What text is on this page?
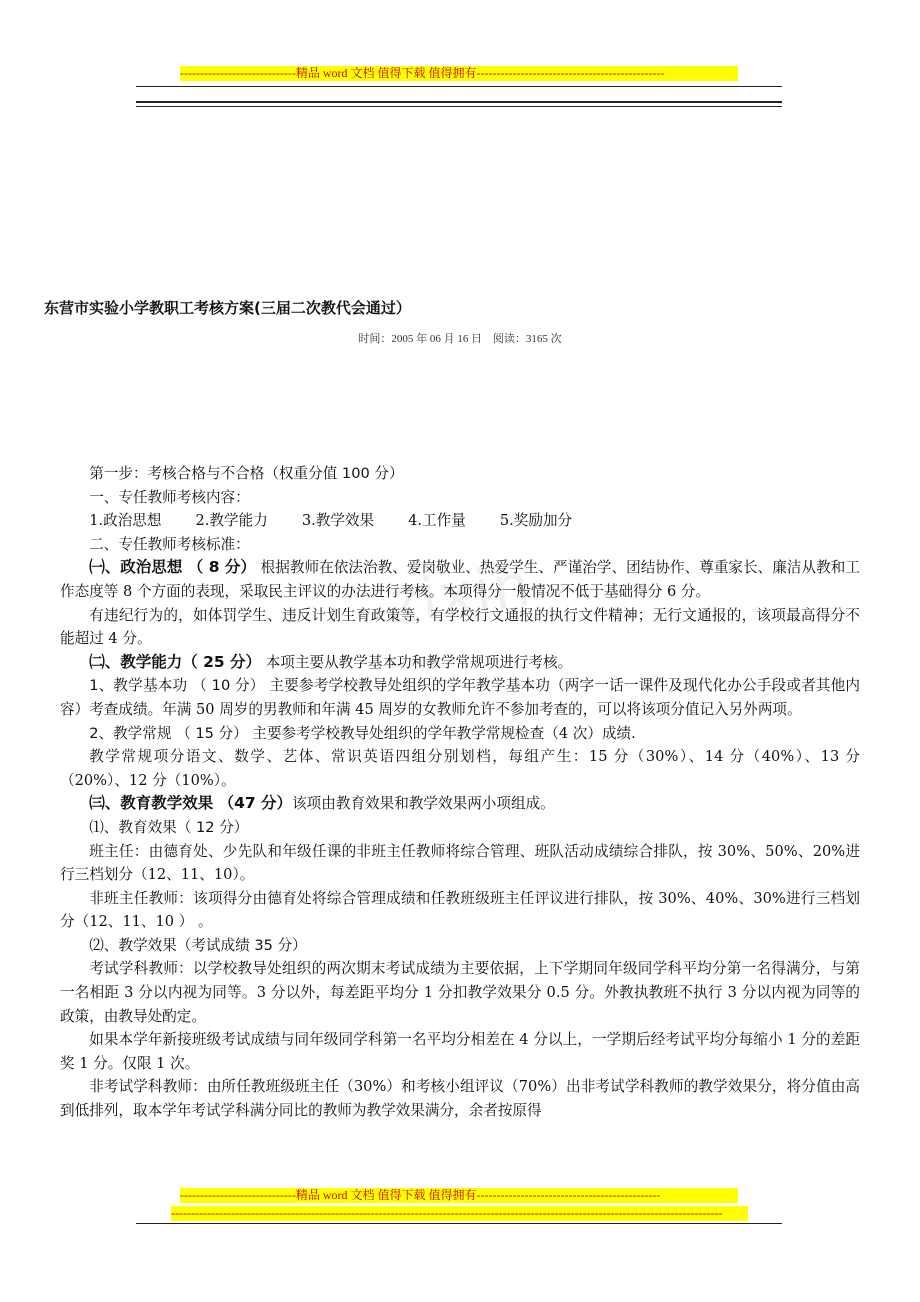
-----------------------------精品 word 文档 值得下载 值得拥有-----------------------------------------------
东营市实验小学教职工考核方案(三届二次教代会通过）
时间：2005 年 06 月 16 日 阅读：3165 次
zixin

第一步：考核合格与不合格（权重分值 100 分）

一、专任教师考核内容：

1.政治思想 2.教学能力 3.教学效果 4.工作量 5.奖励加分

二、专任教师考核标准：

㈠、政治思想 （ 8 分） 根据教师在依法治教、爱岗敬业、热爱学生、严谨治学、团结协作、尊重家长、廉洁从教和工作态度等 8 个方面的表现，采取民主评议的办法进行考核。本项得分一般情况不低于基础得分 6 分。

有违纪行为的，如体罚学生、违反计划生育政策等，有学校行文通报的执行文件精神；无行文通报的，该项最高得分不能超过 4 分。

㈡、教学能力（ 25 分） 本项主要从教学基本功和教学常规项进行考核。

1、教学基本功 （ 10 分） 主要参考学校教导处组织的学年教学基本功（两字一话一课件及现代化办公手段或者其他内容）考查成绩。年满 50 周岁的男教师和年满 45 周岁的女教师允许不参加考查的，可以将该项分值记入另外两项。

2、教学常规 （ 15 分） 主要参考学校教导处组织的学年教学常规检查（4 次）成绩.

教学常规项分语文、数学、艺体、常识英语四组分别划档，每组产生：15 分（30%）、14 分（40%）、13 分（20%）、12 分（10%）。

㈢、教育教学效果 （47 分）该项由教育效果和教学效果两小项组成。

⑴、教育效果（ 12 分）

班主任：由德育处、少先队和年级任课的非班主任教师将综合管理、班队活动成绩综合排队，按 30%、50%、20%进行三档划分（12、11、10）。

非班主任教师：该项得分由德育处将综合管理成绩和任教班级班主任评议进行排队，按 30%、40%、30%进行三档划分（12、11、10 ） 。

⑵、教学效果（考试成绩 35 分）

考试学科教师：以学校教导处组织的两次期末考试成绩为主要依据，上下学期同年级同学科平均分第一名得满分，与第一名相距 3 分以内视为同等。3 分以外，每差距平均分 1 分扣教学效果分 0.5 分。外教执教班不执行 3 分以内视为同等的政策，由教导处酌定。

如果本学年新接班级考试成绩与同年级同学科第一名平均分相差在 4 分以上，一学期后经考试平均分每缩小 1 分的差距奖 1 分。仅限 1 次。

非考试学科教师：由所任教班级班主任（30%）和考核小组评议（70%）出非考试学科教师的教学效果分，将分值由高到低排列，取本学年考试学科满分同比的教师为教学效果满分，余者按原得

-----------------------------精品 word 文档 值得下载 值得拥有----------------------------------------------
------------------------------------------------------------------------------------------------------------------------------------------
